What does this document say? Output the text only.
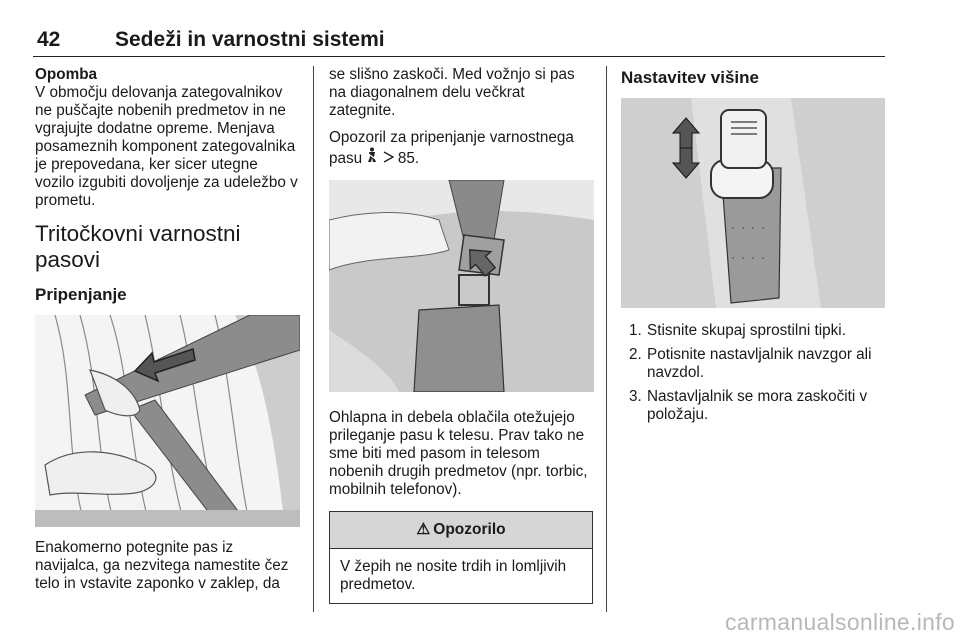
42	Sedeži in varnostni sistemi
Opomba

V območju delovanja zategovalnikov ne puščajte nobenih predmetov in ne vgrajujte dodatne opreme. Menjava posameznih komponent zategovalnika je prepovedana, ker sicer utegne vozilo izgubiti dovoljenje za udeležbo v prometu.

Tritočkovni varnostni pasovi
Pripenjanje

Enakomerno potegnite pas iz navijalca, ga nezvitega namestite čez telo in vstavite zaponko v zaklep, da

se slišno zaskoči. Med vožnjo si pas na diagonalnem delu večkrat zategnite.

Opozoril za pripenjanje varnostnega pasu 85.

Ohlapna in debela oblačila otežujejo prileganje pasu k telesu. Prav tako ne sme biti med pasom in telesom nobenih drugih predmetov (npr. torbic, mobilnih telefonov).

⚠ Opozorilo

V žepih ne nosite trdih in lomljivih predmetov.

Nastavitev višine
1. Stisnite skupaj sprostilni tipki.
2. Potisnite nastavljalnik navzgor ali navzdol.
3. Nastavljalnik se mora zaskočiti v položaju.
carmanualsonline.info
